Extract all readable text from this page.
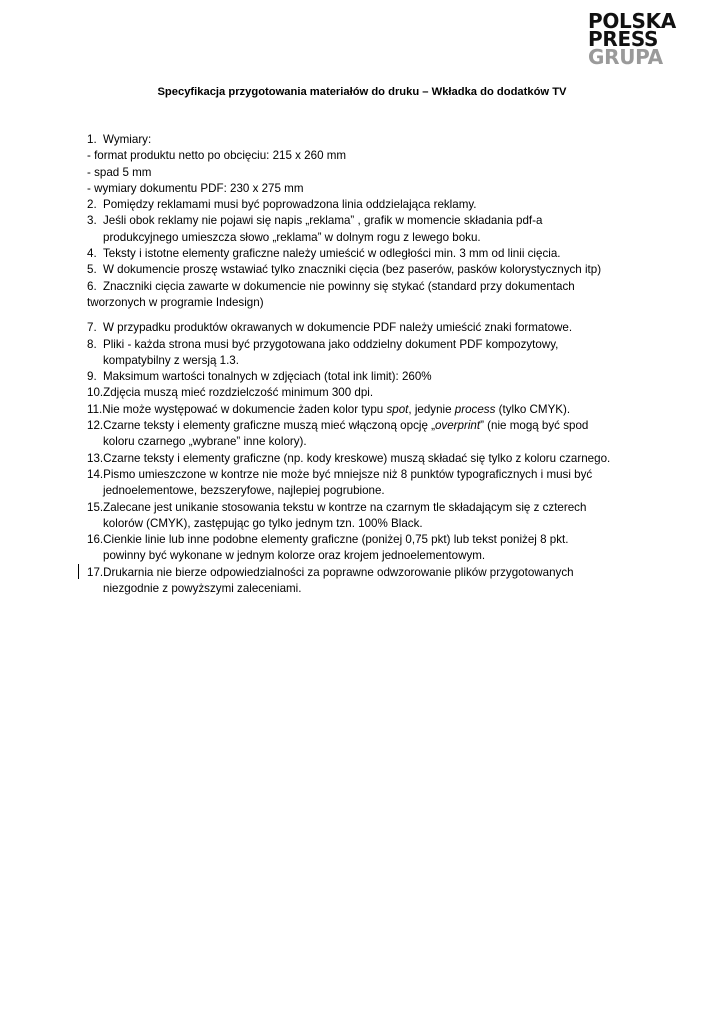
POLSKA
PRESS
GRUPA
Specyfikacja przygotowania materiałów do druku – Wkładka do dodatków TV
1. Wymiary:
- format produktu netto po obcięciu: 215 x 260 mm
- spad 5 mm
- wymiary dokumentu PDF: 230 x 275 mm
2. Pomiędzy reklamami musi być poprowadzona linia oddzielająca reklamy.
3. Jeśli obok reklamy nie pojawi się napis „reklama” , grafik w momencie składania pdf-a
produkcyjnego umieszcza słowo „reklama” w dolnym rogu z lewego boku.
4. Teksty i istotne elementy graficzne należy umieścić w odległości min. 3 mm od linii cięcia.
5. W dokumencie proszę wstawiać tylko znaczniki cięcia (bez paserów, pasków kolorystycznych itp)
6. Znaczniki cięcia zawarte w dokumencie nie powinny się stykać (standard przy dokumentach
tworzonych w programie Indesign)
7. W przypadku produktów okrawanych w dokumencie PDF należy umieścić znaki formatowe.
8. Pliki - każda strona musi być przygotowana jako oddzielny dokument PDF kompozytowy,
kompatybilny z wersją 1.3.
9. Maksimum wartości tonalnych w zdjęciach (total ink limit): 260%
10. Zdjęcia muszą mieć rozdzielczość minimum 300 dpi.
11. Nie może występować w dokumencie żaden kolor typu spot, jedynie process (tylko CMYK).
12. Czarne teksty i elementy graficzne muszą mieć włączoną opcję „overprint” (nie mogą być spod
koloru czarnego „wybrane” inne kolory).
13. Czarne teksty i elementy graficzne (np. kody kreskowe) muszą składać się tylko z koloru czarnego.
14. Pismo umieszczone w kontrze nie może być mniejsze niż 8 punktów typograficznych i musi być
jednoelementowe, bezszeryfowe, najlepiej pogrubione.
15. Zalecane jest unikanie stosowania tekstu w kontrze na czarnym tle składającym się z czterech
kolorów (CMYK), zastępując go tylko jednym tzn. 100% Black.
16. Cienkie linie lub inne podobne elementy graficzne (poniżej 0,75 pkt) lub tekst poniżej 8 pkt.
powinny być wykonane w jednym kolorze oraz krojem jednoelementowym.
17. Drukarnia nie bierze odpowiedzialności za poprawne odwzorowanie plików przygotowanych
niezgodnie z powyższymi zaleceniami.
